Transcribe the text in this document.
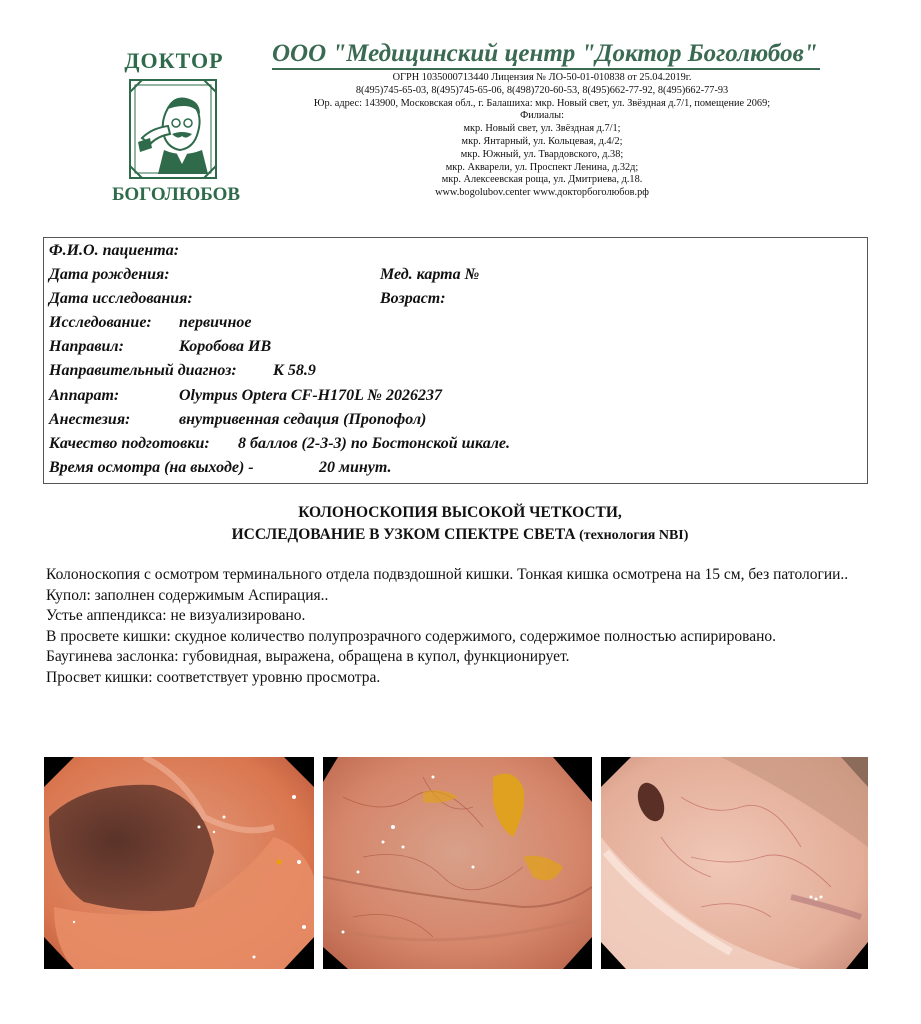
ДОКТОР
БОГОЛЮБОВ
ООО "Медицинский центр "Доктор Боголюбов"
ОГРН 1035000713440 Лицензия № ЛО-50-01-010838 от 25.04.2019г.
8(495)745-65-03, 8(495)745-65-06, 8(498)720-60-53, 8(495)662-77-92, 8(495)662-77-93
Юр. адрес: 143900, Московская обл., г. Балашиха: мкр. Новый свет, ул. Звёздная д.7/1, помещение 2069;
Филиалы:
мкр. Новый свет, ул. Звёздная д.7/1;
мкр. Янтарный, ул. Кольцевая, д.4/2;
мкр. Южный, ул. Твардовского, д.38;
мкр. Акварели, ул. Проспект Ленина, д.32д;
мкр. Алексеевская роща, ул. Дмитриева, д.18.
www.bogolubov.center www.докторбоголюбов.рф
Ф.И.О. пациента:
Дата рождения:	Мед. карта №
Дата исследования:	Возраст:
Исследование: первичное
Направил:	Коробова ИВ
Направительный диагноз: К 58.9
Аппарат:	Olympus Optera CF-H170L № 2026237
Анестезия:	внутривенная седация (Пропофол)
Качество подготовки: 8 баллов (2-3-3) по Бостонской шкале.
Время осмотра (на выходе) -	20 минут.
КОЛОНОСКОПИЯ ВЫСОКОЙ ЧЕТКОСТИ,
ИССЛЕДОВАНИЕ В УЗКОМ СПЕКТРЕ СВЕТА (технология NBI)

Колоноскопия с осмотром терминального отдела подвздошной кишки. Тонкая кишка осмотрена на 15 см, без патологии..

Купол: заполнен содержимым Аспирация..

Устье аппендикса: не визуализировано.

В просвете кишки: скудное количество полупрозрачного содержимого, содержимое полностью аспирировано.

Баугинева заслонка: губовидная, выражена, обращена в купол, функционирует.

Просвет кишки: соответствует уровню просмотра.
